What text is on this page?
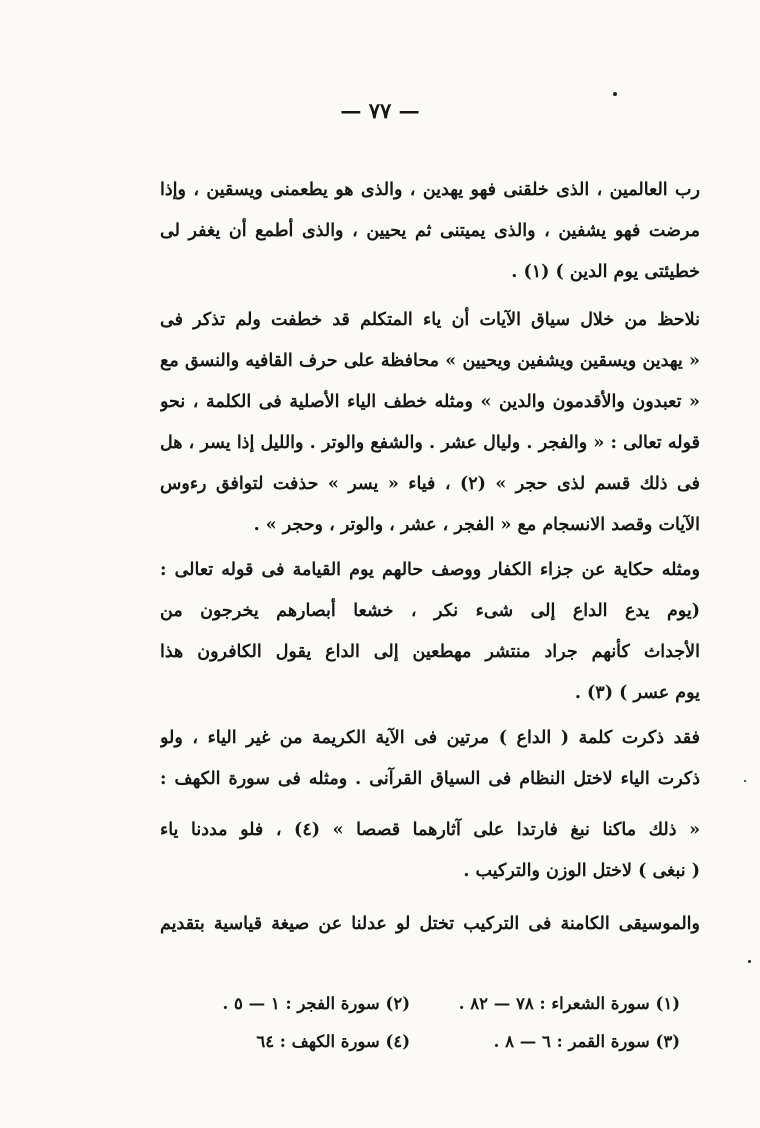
— ٧٧ —
رب العالمين ، الذى خلقنى فهو يهدين ، والذى هو يطعمنى ويسقين ، وإذا
مرضت فهو يشفين ، والذى يميتنى ثم يحيين ، والذى أطمع أن يغفر لى
خطيئتى يوم الدين ) (١) .
نلاحظ من خلال سياق الآيات أن ياء المتكلم قد خطفت ولم تذكر فى
« يهدين ويسقين ويشفين ويحيين » محافظة على حرف القافيه والنسق مع
« تعبدون والأقدمون والدين » ومثله خطف الياء الأصلية فى الكلمة ، نحو
قوله تعالى : « والفجر . وليال عشر . والشفع والوتر . والليل إذا يسر ، هل
فى ذلك قسم لذى حجر » (٢) ، فياء « يسر » حذفت لتوافق رءوس
الآيات وقصد الانسجام مع « الفجر ، عشر ، والوتر ، وحجر » .
ومثله حكاية عن جزاء الكفار ووصف حالهم يوم القيامة فى قوله تعالى :
(يوم يدع الداع إلى شىء نكر ، خشعا أبصارهم يخرجون من
الأجداث كأنهم جراد منتشر مهطعين إلى الداع يقول الكافرون هذا
يوم عسر ) (٣) .
فقد ذكرت كلمة ( الداع ) مرتين فى الآية الكريمة من غير الياء ، ولو
ذكرت الياء لاختل النظام فى السياق القرآنى . ومثله فى سورة الكهف :
« ذلك ماكنا نبغ فارتدا على آثارهما قصصا » (٤) ، فلو مددنا ياء
( نبغى ) لاختل الوزن والتركيب .
والموسيقى الكامنة فى التركيب تختل لو عدلنا عن صيغة قياسية بتقديم
(١) سورة الشعراء : ٧٨ — ٨٢ .
(٢) سورة الفجر : ١ — ٥ .
(٣) سورة القمر : ٦ — ٨ .
(٤) سورة الكهف : ٦٤
